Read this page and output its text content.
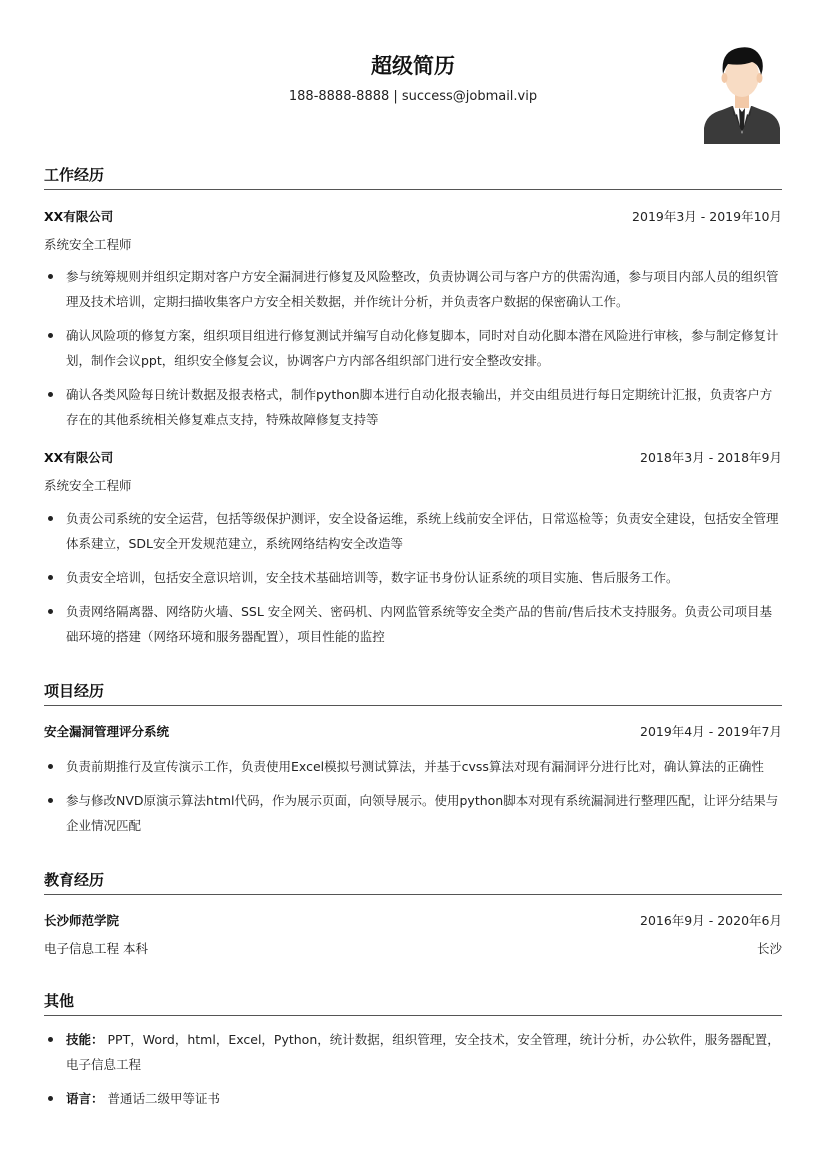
超级简历
188-8888-8888 | success@jobmail.vip
工作经历
XX有限公司	2019年3月 - 2019年10月
系统安全工程师
参与统筹规则并组织定期对客户方安全漏洞进行修复及风险整改，负责协调公司与客户方的供需沟通，参与项目内部人员的组织管理及技术培训，定期扫描收集客户方安全相关数据，并作统计分析，并负责客户数据的保密确认工作。
确认风险项的修复方案，组织项目组进行修复测试并编写自动化修复脚本，同时对自动化脚本潜在风险进行审核，参与制定修复计划，制作会议ppt，组织安全修复会议，协调客户方内部各组织部门进行安全整改安排。
确认各类风险每日统计数据及报表格式，制作python脚本进行自动化报表输出，并交由组员进行每日定期统计汇报，负责客户方存在的其他系统相关修复难点支持，特殊故障修复支持等
XX有限公司	2018年3月 - 2018年9月
系统安全工程师
负责公司系统的安全运营，包括等级保护测评，安全设备运维，系统上线前安全评估，日常巡检等；负责安全建设，包括安全管理体系建立，SDL安全开发规范建立，系统网络结构安全改造等
负责安全培训，包括安全意识培训，安全技术基础培训等，数字证书身份认证系统的项目实施、售后服务工作。
负责网络隔离器、网络防火墙、SSL 安全网关、密码机、内网监管系统等安全类产品的售前/售后技术支持服务。负责公司项目基础环境的搭建（网络环境和服务器配置），项目性能的监控
项目经历
安全漏洞管理评分系统	2019年4月 - 2019年7月
负责前期推行及宣传演示工作，负责使用Excel模拟号测试算法，并基于cvss算法对现有漏洞评分进行比对，确认算法的正确性
参与修改NVD原演示算法html代码，作为展示页面，向领导展示。使用python脚本对现有系统漏洞进行整理匹配，让评分结果与企业情况匹配
教育经历
长沙师范学院	2016年9月 - 2020年6月
电子信息工程 本科	长沙
其他
技能： PPT，Word，html，Excel，Python，统计数据，组织管理，安全技术，安全管理，统计分析，办公软件，服务器配置，电子信息工程
语言： 普通话二级甲等证书
